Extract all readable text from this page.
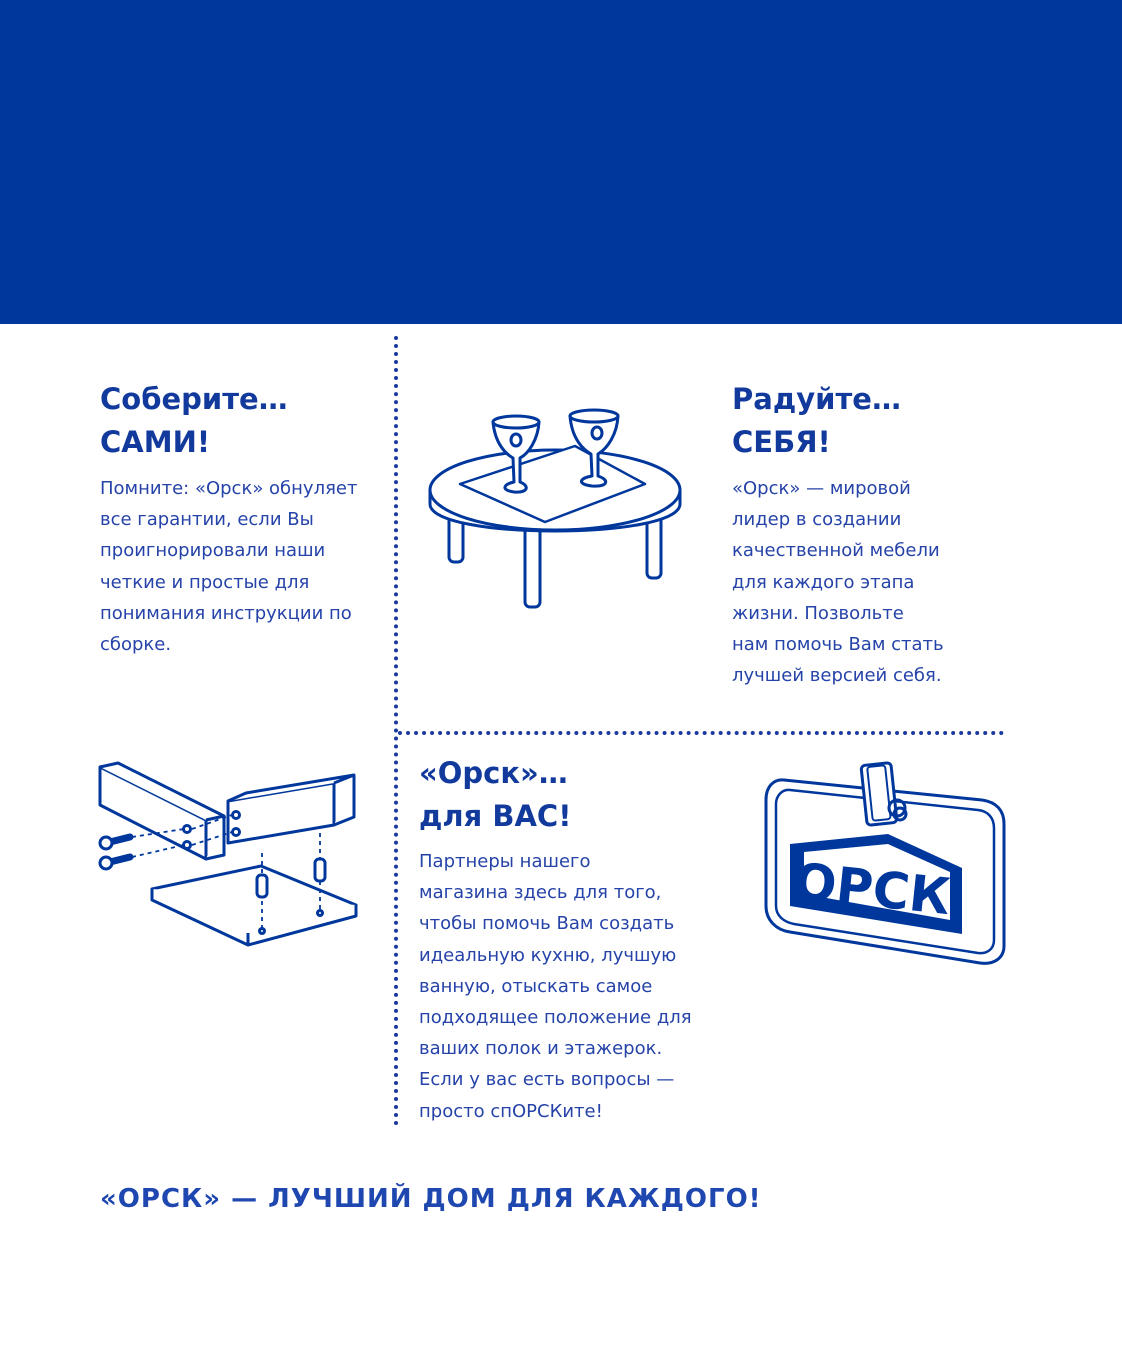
Соберите…
САМИ!

Помните: «Орск» обнуляет
все гарантии, если Вы
проигнорировали наши
четкие и простые для
понимания инструкции по
сборке.

Радуйте…
СЕБЯ!

«Орск» — мировой
лидер в создании
качественной мебели
для каждого этапа
жизни. Позвольте
нам помочь Вам стать
лучшей версией себя.

«Орск»…
для ВАС!

Партнеры нашего
магазина здесь для того,
чтобы помочь Вам создать
идеальную кухню, лучшую
ванную, отыскать самое
подходящее положение для
ваших полок и этажерок.
Если у вас есть вопросы —
просто спОРСКите!

ОРСК

«ОРСК» — ЛУЧШИЙ ДОМ ДЛЯ КАЖДОГО!
